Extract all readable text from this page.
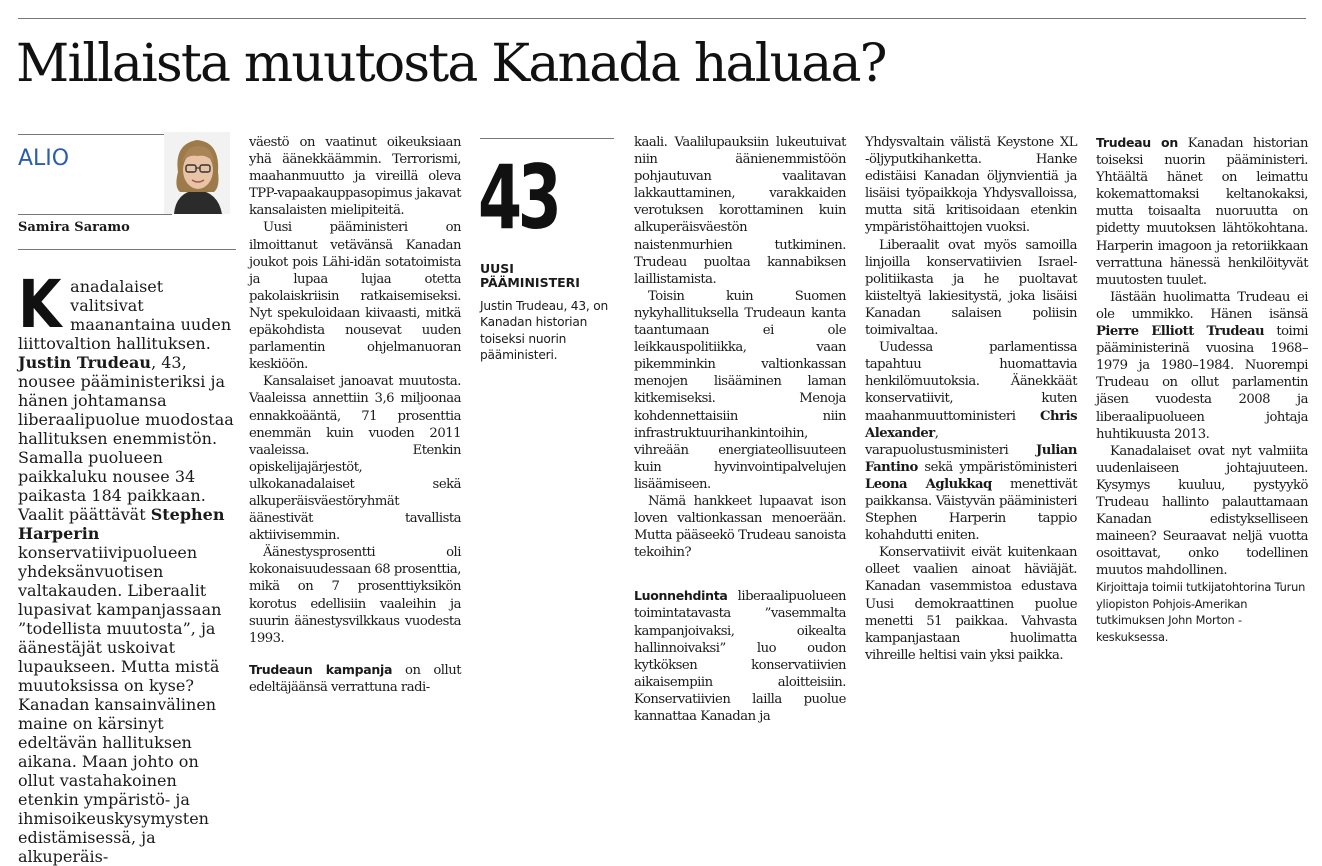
Millaista muutosta Kanada haluaa?
ALIO
Samira Saramo

Kanadalaiset valitsivat maanantaina uuden liittovaltion hallituksen. Justin Trudeau, 43, nousee pääministeriksi ja hänen johtamansa liberaalipuolue muodostaa hallituksen enemmistön. Samalla puolueen paikkaluku nousee 34 paikasta 184 paikkaan.

Vaalit päättävät Stephen Harperin konservatiivipuolueen yhdeksänvuotisen valtakauden. Liberaalit lupasivat kampanjassaan ”todellista muutosta”, ja äänestäjät uskoivat lupaukseen. Mutta mistä muutoksissa on kyse?

Kanadan kansainvälinen maine on kärsinyt edeltävän hallituksen aikana. Maan johto on ollut vastahakoinen etenkin ympäristö- ja ihmisoikeuskysymysten edistämisessä, ja alkuperäis-

väestö on vaatinut oikeuksiaan yhä äänekkäämmin. Terrorismi, maahanmuutto ja vireillä oleva TPP-vapaakauppasopimus jakavat kansalaisten mielipiteitä.

Uusi pääministeri on ilmoittanut vetävänsä Kanadan joukot pois Lähi-idän sotatoimista ja lupaa lujaa otetta pakolaiskriisin ratkaisemiseksi. Nyt spekuloidaan kiivaasti, mitkä epäkohdista nousevat uuden parlamentin ohjelmanuoran keskiöön.

Kansalaiset janoavat muutosta. Vaaleissa annettiin 3,6 miljoonaa ennakkoääntä, 71 prosenttia enemmän kuin vuoden 2011 vaaleissa. Etenkin opiskelijajärjestöt, ulkokanadalaiset sekä alkuperäisväestöryhmät äänestivät tavallista aktiivisemmin.

Äänestysprosentti oli kokonaisuudessaan 68 prosenttia, mikä on 7 prosenttiyksikön korotus edellisiin vaaleihin ja suurin äänestysvilkkaus vuodesta 1993.

Trudeaun kampanja on ollut edeltäjäänsä verrattuna radi-

43
UUSI PÄÄMINISTERI
Justin Trudeau, 43, on Kanadan historian toiseksi nuorin pääministeri.

kaali. Vaalilupauksiin lukeutuivat niin äänienemmistöön pohjautuvan vaalitavan lakkauttaminen, varakkaiden verotuksen korottaminen kuin alkuperäisväestön naistenmurhien tutkiminen. Trudeau puoltaa kannabiksen laillistamista.

Toisin kuin Suomen nykyhallituksella Trudeaun kanta taantumaan ei ole leikkauspolitiikka, vaan pikemminkin valtionkassan menojen lisääminen laman kitkemiseksi. Menoja kohdennettaisiin niin infrastruktuurihankintoihin, vihreään energiateollisuuteen kuin hyvinvointipalvelujen lisäämiseen.

Nämä hankkeet lupaavat ison loven valtionkassan menoerään. Mutta pääseekö Trudeau sanoista tekoihin?

Luonnehdinta liberaalipuolueen toimintatavasta ”vasemmalta kampanjoivaksi, oikealta hallinnoivaksi” luo oudon kytköksen konservatiivien aikaisempiin aloitteisiin. Konservatiivien lailla puolue kannattaa Kanadan ja

Yhdysvaltain välistä Keystone XL -öljyputkihanketta. Hanke edistäisi Kanadan öljynvientiä ja lisäisi työpaikkoja Yhdysvalloissa, mutta sitä kritisoidaan etenkin ympäristöhaittojen vuoksi.

Liberaalit ovat myös samoilla linjoilla konservatiivien Israel-politiikasta ja he puoltavat kiisteltyä lakiesitystä, joka lisäisi Kanadan salaisen poliisin toimivaltaa.

Uudessa parlamentissa tapahtuu huomattavia henkilömuutoksia. Äänekkäät konservatiivit, kuten maahanmuuttoministeri Chris Alexander, varapuolustusministeri Julian Fantino sekä ympäristöministeri Leona Aglukkaq menettivät paikkansa. Väistyvän pääministeri Stephen Harperin tappio kohahdutti eniten.

Konservatiivit eivät kuitenkaan olleet vaalien ainoat häviäjät. Kanadan vasemmistoa edustava Uusi demokraattinen puolue menetti 51 paikkaa. Vahvasta kampanjastaan huolimatta vihreille heltisi vain yksi paikka.

Trudeau on Kanadan historian toiseksi nuorin pääministeri. Yhtäältä hänet on leimattu kokemattomaksi keltanokaksi, mutta toisaalta nuoruutta on pidetty muutoksen lähtökohtana. Harperin imagoon ja retoriikkaan verrattuna hänessä henkilöityvät muutosten tuulet.

Iästään huolimatta Trudeau ei ole ummikko. Hänen isänsä Pierre Elliott Trudeau toimi pääministerinä vuosina 1968–1979 ja 1980–1984. Nuorempi Trudeau on ollut parlamentin jäsen vuodesta 2008 ja liberaalipuolueen johtaja huhtikuusta 2013.

Kanadalaiset ovat nyt valmiita uudenlaiseen johtajuuteen. Kysymys kuuluu, pystyykö Trudeau hallinto palauttamaan Kanadan edistykselliseen maineen? Seuraavat neljä vuotta osoittavat, onko todellinen muutos mahdollinen.

Kirjoittaja toimii tutkijatohtorina Turun yliopiston Pohjois-Amerikan tutkimuksen John Morton -keskuksessa.
